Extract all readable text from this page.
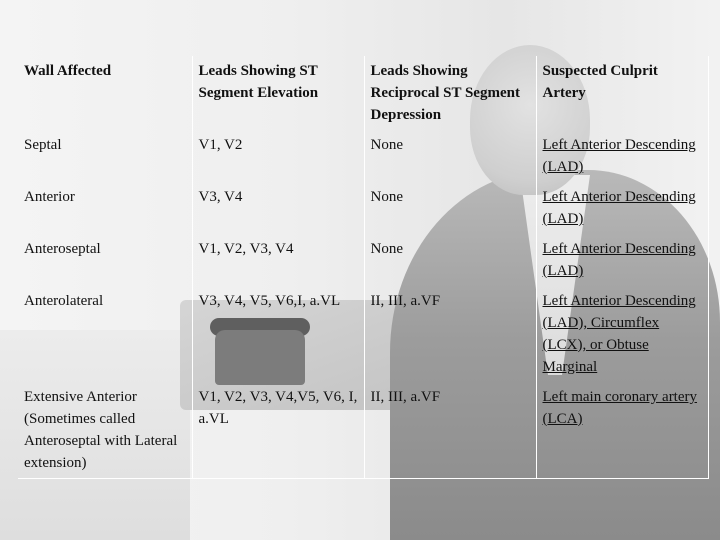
Wall Affected	Leads Showing ST Segment Elevation	Leads Showing Reciprocal ST Segment Depression	Suspected Culprit Artery
Septal	V1, V2	None	Left Anterior Descending (LAD)
Anterior	V3, V4	None	Left Anterior Descending (LAD)
Anteroseptal	V1, V2, V3, V4	None	Left Anterior Descending (LAD)
Anterolateral	V3, V4, V5, V6,I, a.VL	II, III, a.VF	Left Anterior Descending (LAD), Circumflex (LCX), or Obtuse Marginal
Extensive Anterior (Sometimes called Anteroseptal with Lateral extension)	V1, V2, V3, V4,V5, V6, I, a.VL	II, III, a.VF	Left main coronary artery (LCA)
